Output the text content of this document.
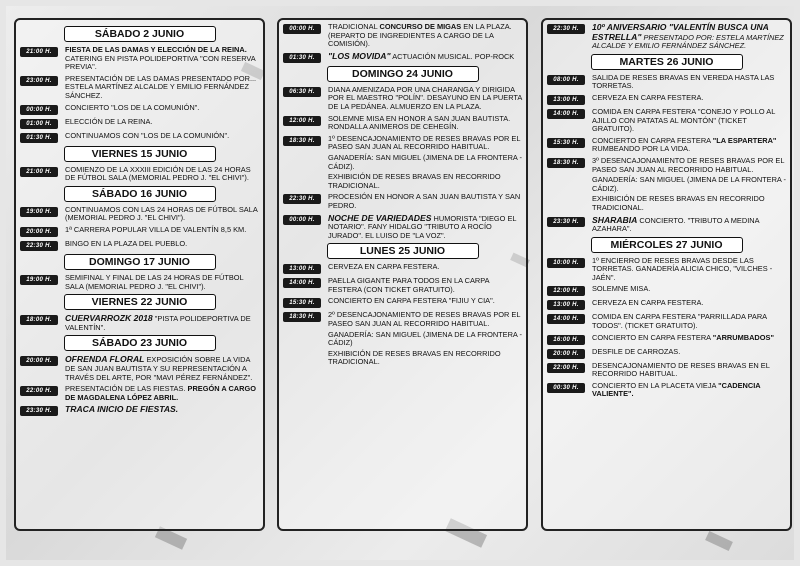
SÁBADO 2 JUNIO
21:00 H.	FIESTA DE LAS DAMAS Y ELECCIÓN DE LA REINA. CATERING EN PISTA POLIDEPORTIVA "CON RESERVA PREVIA".
23:00 H.	PRESENTACIÓN DE LAS DAMAS PRESENTADO POR... ESTELA MARTÍNEZ ALCALDE Y EMILIO FERNÁNDEZ SÁNCHEZ.
00:00 H.	CONCIERTO "LOS DE LA COMUNIÓN".
01:00 H.	ELECCIÓN DE LA REINA.
01:30 H.	CONTINUAMOS CON "LOS DE LA COMUNIÓN".
VIERNES 15 JUNIO
21:00 H.	COMIENZO DE LA XXXIII EDICIÓN DE LAS 24 HORAS DE FÚTBOL SALA (MEMORIAL PEDRO J. "EL CHIVI").
SÁBADO 16 JUNIO
19:00 H.	CONTINUAMOS CON LAS 24 HORAS DE FÚTBOL SALA (MEMORIAL PEDRO J. "EL CHIVI").
20:00 H.	1ª CARRERA POPULAR VILLA DE VALENTÍN 8,5 KM.
22:30 H.	BINGO EN LA PLAZA DEL PUEBLO.
DOMINGO 17 JUNIO
19:00 H.	SEMIFINAL Y FINAL DE LAS 24 HORAS DE FÚTBOL SALA (MEMORIAL PEDRO J. "EL CHIVI").
VIERNES 22 JUNIO
18:00 H.	CUERVARROZK 2018 "PISTA POLIDEPORTIVA DE VALENTÍN".
SÁBADO 23 JUNIO
20:00 H.	OFRENDA FLORAL EXPOSICIÓN SOBRE LA VIDA DE SAN JUAN BAUTISTA Y SU REPRESENTACIÓN A TRAVÉS DEL ARTE, POR "MAVI PÉREZ FERNÁNDEZ".
22:00 H.	PRESENTACIÓN DE LAS FIESTAS. PREGÓN A CARGO DE MAGDALENA LÓPEZ ABRIL.
23:30 H.	TRACA INICIO DE FIESTAS.
00:00 H.	TRADICIONAL CONCURSO DE MIGAS EN LA PLAZA. (REPARTO DE INGREDIENTES A CARGO DE LA COMISIÓN).
01:30 H.	"LOS MOVIDA" ACTUACIÓN MUSICAL. POP-ROCK
DOMINGO 24 JUNIO
06:30 H.	DIANA AMENIZADA POR UNA CHARANGA Y DIRIGIDA POR EL MAESTRO "POLÍN". DESAYUNO EN LA PUERTA DE LA PEDÁNEA. ALMUERZO EN LA PLAZA.
12:00 H.	SOLEMNE MISA EN HONOR A SAN JUAN BAUTISTA. RONDALLA ANIMEROS DE CEHEGÍN.
18:30 H.	1º DESENCAJONAMIENTO DE RESES BRAVAS POR EL PASEO SAN JUAN AL RECORRIDO HABITUAL.
GANADERÍA: SAN MIGUEL (JIMENA DE LA FRONTERA - CÁDIZ).
EXHIBICIÓN DE RESES BRAVAS EN RECORRIDO TRADICIONAL.
22:30 H.	PROCESIÓN EN HONOR A SAN JUAN BAUTISTA Y SAN PEDRO.
00:00 H.	NOCHE DE VARIEDADES HUMORISTA "DIEGO EL NOTARIO". FANY HIDALGO "TRIBUTO A ROCÍO JURADO". EL LUISO DE "LA VOZ".
LUNES 25 JUNIO
13:00 H.	CERVEZA EN CARPA FESTERA.
14:00 H.	PAELLA GIGANTE PARA TODOS EN LA CARPA FESTERA (CON TICKET GRATUITO).
15:30 H.	CONCIERTO EN CARPA FESTERA "FIJIU Y CIA".
18:30 H.	2º DESENCAJONAMIENTO DE RESES BRAVAS POR EL PASEO SAN JUAN AL RECORRIDO HABITUAL.
GANADERÍA: SAN MIGUEL (JIMENA DE LA FRONTERA - CÁDIZ)
EXHIBICIÓN DE RESES BRAVAS EN RECORRIDO TRADICIONAL.
22:30 H.	10º ANIVERSARIO "VALENTÍN BUSCA UNA ESTRELLA" PRESENTADO POR: ESTELA MARTÍNEZ ALCALDE Y EMILIO FERNÁNDEZ SÁNCHEZ.
MARTES 26 JUNIO
08:00 H.	SALIDA DE RESES BRAVAS EN VEREDA HASTA LAS TORRETAS.
13:00 H.	CERVEZA EN CARPA FESTERA.
14:00 H.	COMIDA EN CARPA FESTERA "CONEJO Y POLLO AL AJILLO CON PATATAS AL MONTÓN" (TICKET GRATUITO).
15:30 H.	CONCIERTO EN CARPA FESTERA "LA ESPARTERA" RUMBEANDO POR LA VIDA.
18:30 H.	3º DESENCAJONAMIENTO DE RESES BRAVAS POR EL PASEO SAN JUAN AL RECORRIDO HABITUAL.
GANADERÍA: SAN MIGUEL (JIMENA DE LA FRONTERA - CÁDIZ).
EXHIBICIÓN DE RESES BRAVAS EN RECORRIDO TRADICIONAL.
23:30 H.	SHARABIA CONCIERTO. "TRIBUTO A MEDINA AZAHARA".
MIÉRCOLES 27 JUNIO
10:00 H.	1º ENCIERRO DE RESES BRAVAS DESDE LAS TORRETAS. GANADERÍA ALICIA CHICO, "VILCHES - JAÉN".
12:00 H.	SOLEMNE MISA.
13:00 H.	CERVEZA EN CARPA FESTERA.
14:00 H.	COMIDA EN CARPA FESTERA "PARRILLADA PARA TODOS". (TICKET GRATUITO).
16:00 H.	CONCIERTO EN CARPA FESTERA "ARRUMBADOS"
20:00 H.	DESFILE DE CARROZAS.
22:00 H.	DESENCAJONAMIENTO DE RESES BRAVAS EN EL RECORRIDO HABITUAL.
00:30 H.	CONCIERTO EN LA PLACETA VIEJA "CADENCIA VALIENTE".
